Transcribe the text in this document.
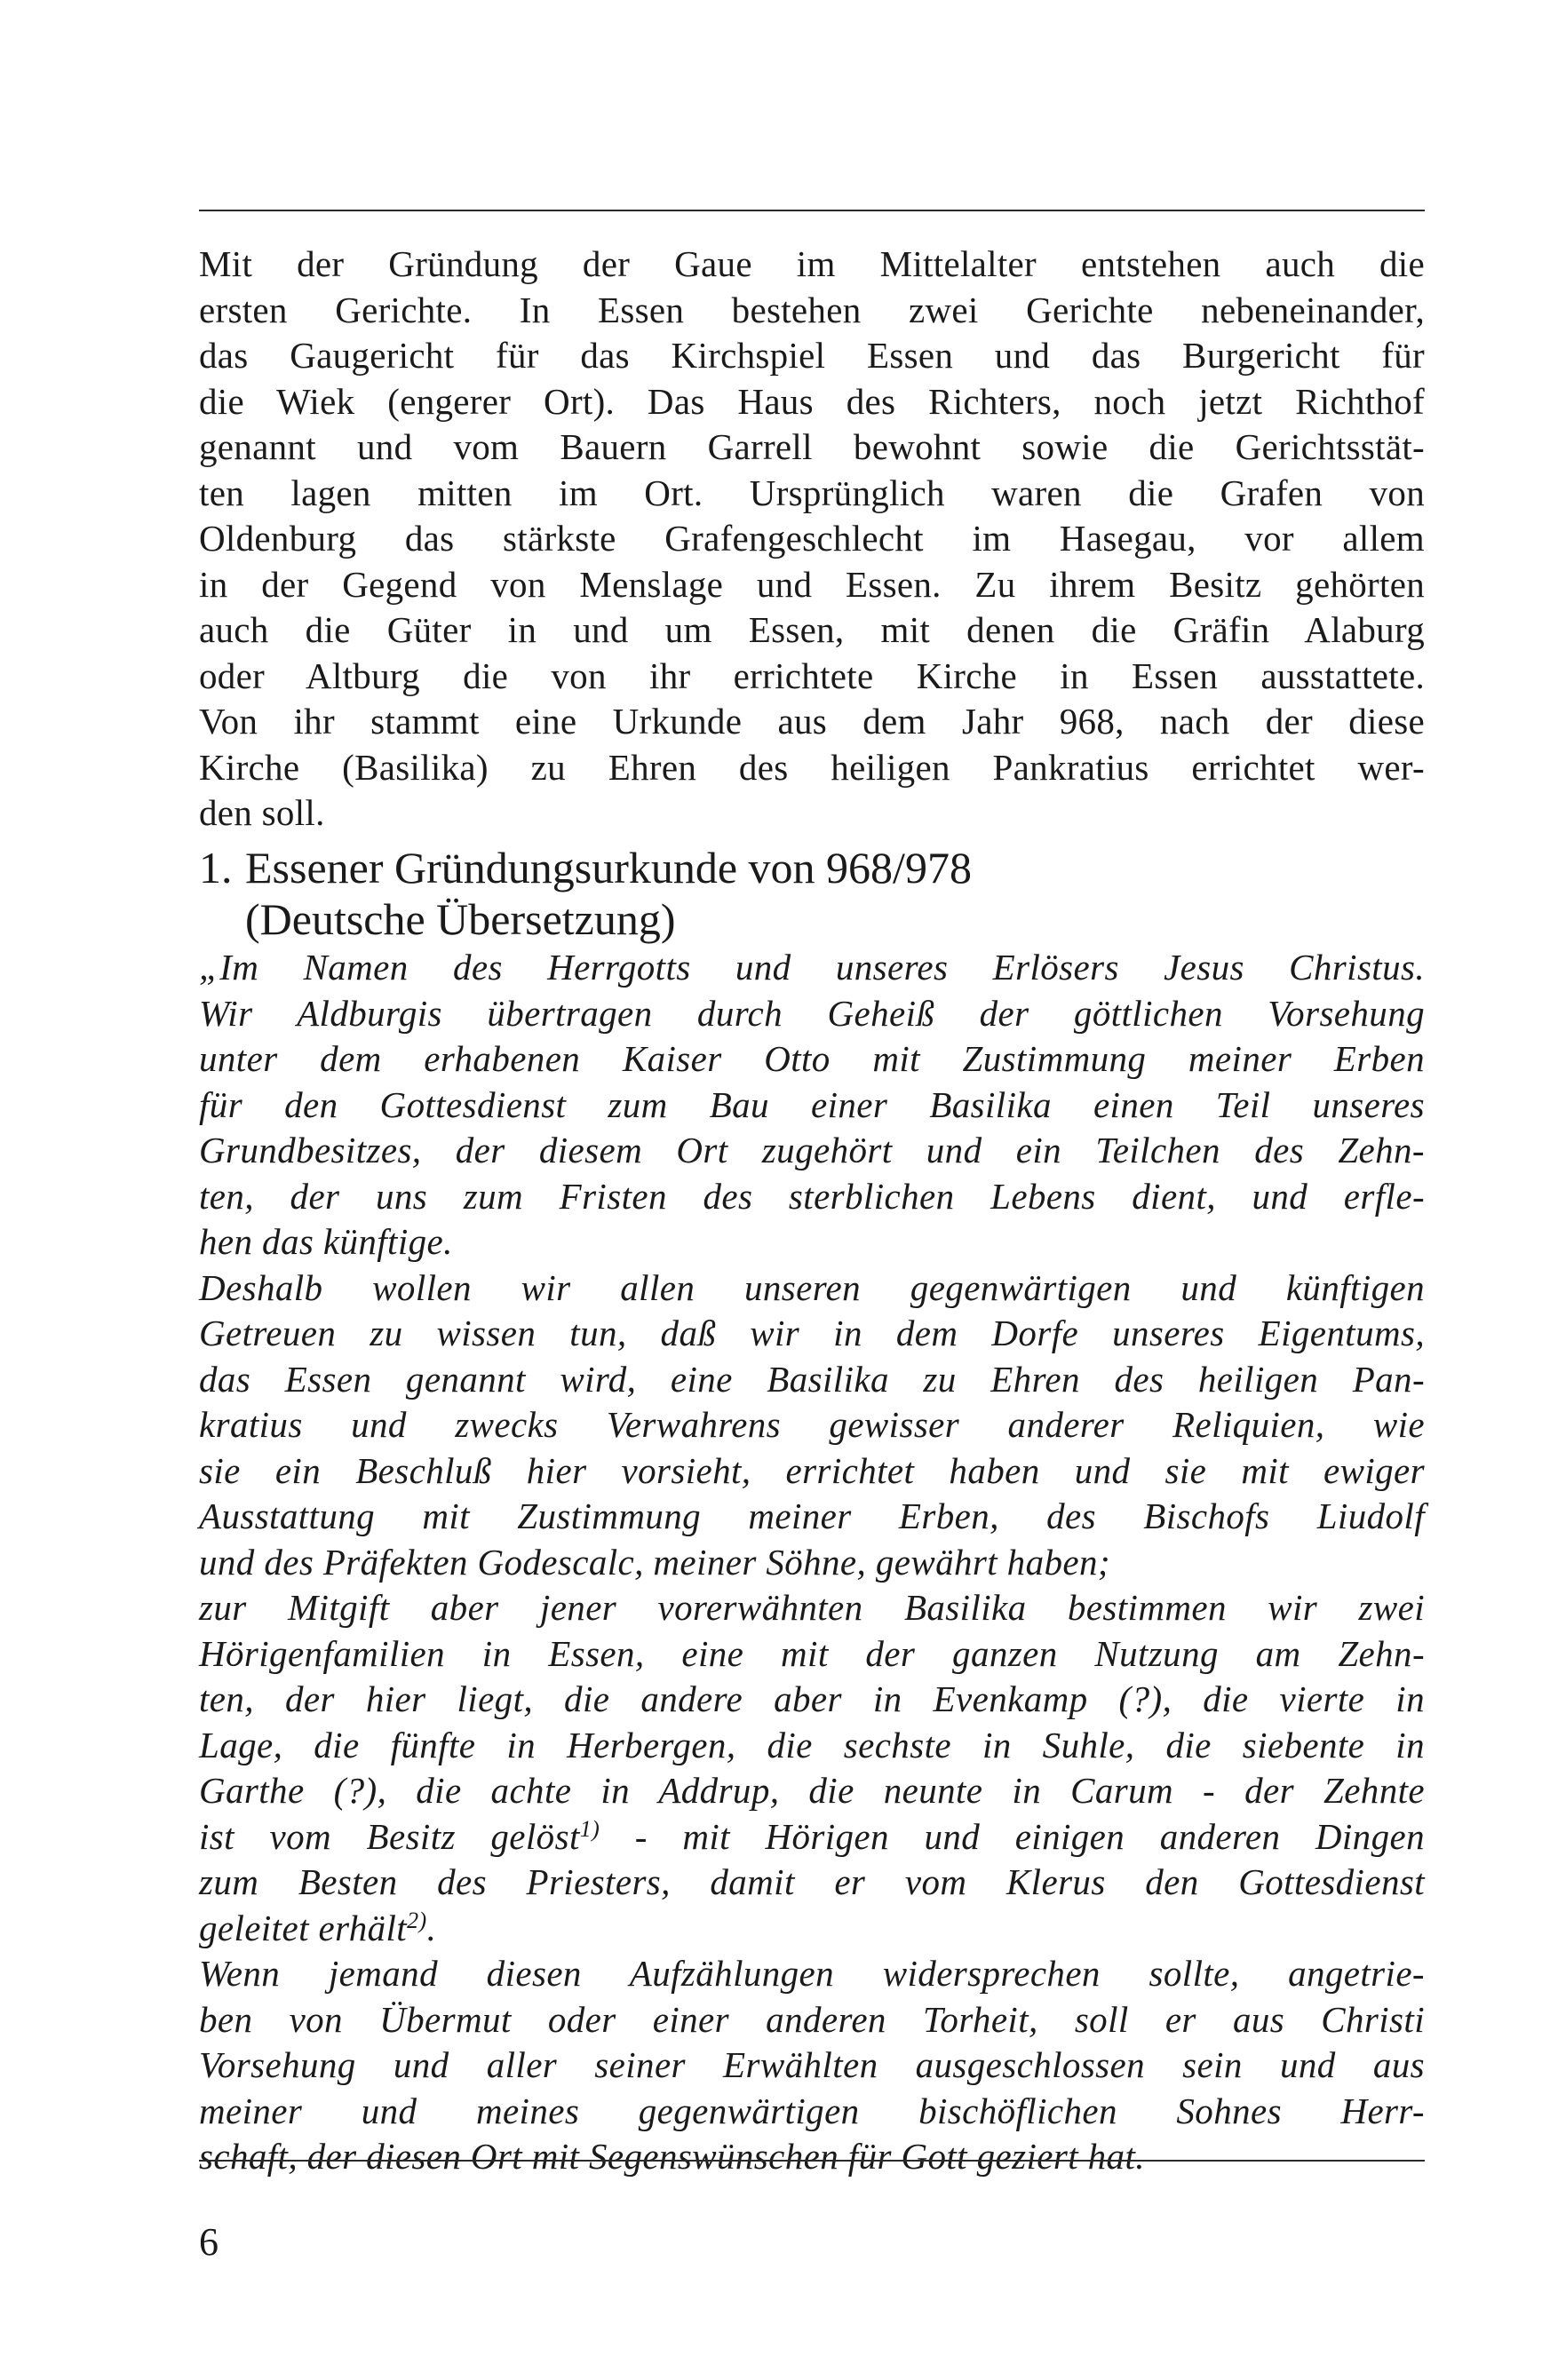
Mit der Gründung der Gaue im Mittelalter entstehen auch die
ersten Gerichte. In Essen bestehen zwei Gerichte nebeneinander,
das Gaugericht für das Kirchspiel Essen und das Burgericht für
die Wiek (engerer Ort). Das Haus des Richters, noch jetzt Richthof
genannt und vom Bauern Garrell bewohnt sowie die Gerichtsstät-
ten lagen mitten im Ort. Ursprünglich waren die Grafen von
Oldenburg das stärkste Grafengeschlecht im Hasegau, vor allem
in der Gegend von Menslage und Essen. Zu ihrem Besitz gehörten
auch die Güter in und um Essen, mit denen die Gräfin Alaburg
oder Altburg die von ihr errichtete Kirche in Essen ausstattete.
Von ihr stammt eine Urkunde aus dem Jahr 968, nach der diese
Kirche (Basilika) zu Ehren des heiligen Pankratius errichtet wer-
den soll.

1. Essener Gründungsurkunde von 968/978
(Deutsche Übersetzung)

„Im Namen des Herrgotts und unseres Erlösers Jesus Christus.
Wir Aldburgis übertragen durch Geheiß der göttlichen Vorsehung
unter dem erhabenen Kaiser Otto mit Zustimmung meiner Erben
für den Gottesdienst zum Bau einer Basilika einen Teil unseres
Grundbesitzes, der diesem Ort zugehört und ein Teilchen des Zehn-
ten, der uns zum Fristen des sterblichen Lebens dient, und erfle-
hen das künftige.
Deshalb wollen wir allen unseren gegenwärtigen und künftigen
Getreuen zu wissen tun, daß wir in dem Dorfe unseres Eigentums,
das Essen genannt wird, eine Basilika zu Ehren des heiligen Pan-
kratius und zwecks Verwahrens gewisser anderer Reliquien, wie
sie ein Beschluß hier vorsieht, errichtet haben und sie mit ewiger
Ausstattung mit Zustimmung meiner Erben, des Bischofs Liudolf
und des Präfekten Godescalc, meiner Söhne, gewährt haben;
zur Mitgift aber jener vorerwähnten Basilika bestimmen wir zwei
Hörigenfamilien in Essen, eine mit der ganzen Nutzung am Zehn-
ten, der hier liegt, die andere aber in Evenkamp (?), die vierte in
Lage, die fünfte in Herbergen, die sechste in Suhle, die siebente in
Garthe (?), die achte in Addrup, die neunte in Carum - der Zehnte
ist vom Besitz gelöst$^{1)}$ - mit Hörigen und einigen anderen Dingen
zum Besten des Priesters, damit er vom Klerus den Gottesdienst
geleitet erhält$^{2)}$.
Wenn jemand diesen Aufzählungen widersprechen sollte, angetrie-
ben von Übermut oder einer anderen Torheit, soll er aus Christi
Vorsehung und aller seiner Erwählten ausgeschlossen sein und aus
meiner und meines gegenwärtigen bischöflichen Sohnes Herr-
schaft, der diesen Ort mit Segenswünschen für Gott geziert hat.

6
